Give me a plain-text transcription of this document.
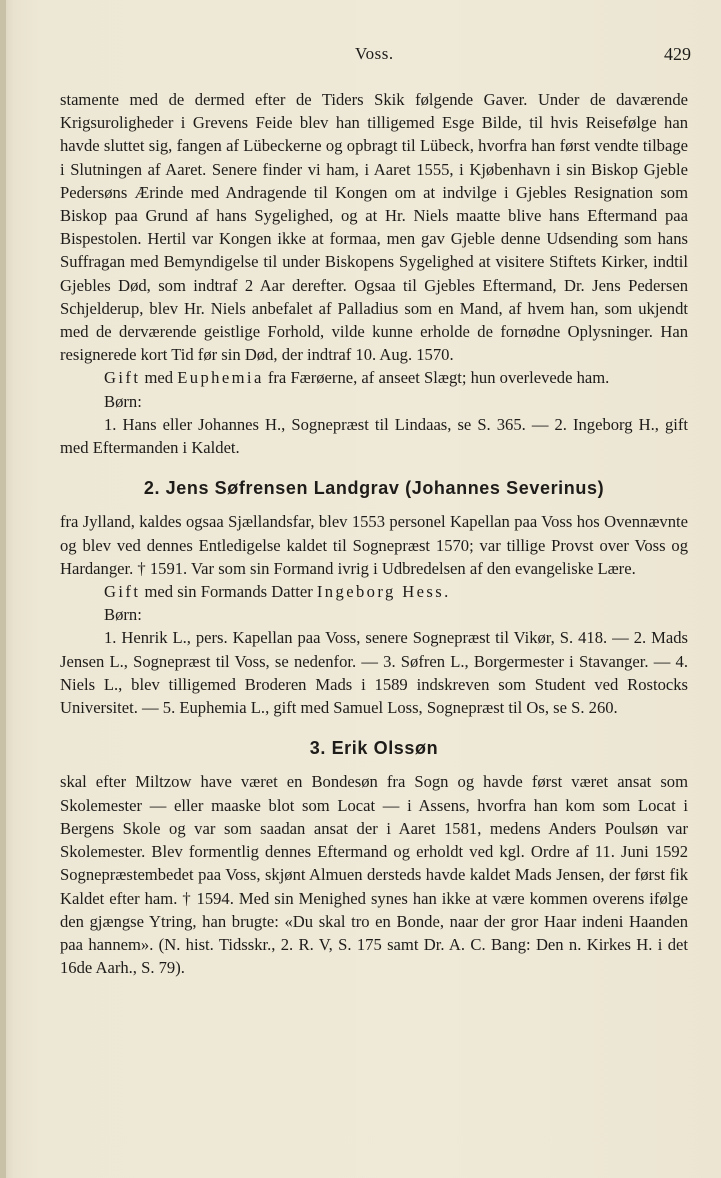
Voss.	429

stamente med de dermed efter de Tiders Skik følgende Gaver. Under de daværende Krigsuroligheder i Grevens Feide blev han tilligemed Esge Bilde, til hvis Reisefølge han havde sluttet sig, fangen af Lübeckerne og opbragt til Lübeck, hvorfra han først vendte tilbage i Slutningen af Aaret. Senere finder vi ham, i Aaret 1555, i Kjøbenhavn i sin Biskop Gjeble Pedersøns Ærinde med Andragende til Kongen om at indvilge i Gjebles Resignation som Biskop paa Grund af hans Sygelighed, og at Hr. Niels maatte blive hans Eftermand paa Bispestolen. Hertil var Kongen ikke at formaa, men gav Gjeble denne Udsending som hans Suffragan med Bemyndigelse til under Biskopens Sygelighed at visitere Stiftets Kirker, indtil Gjebles Død, som indtraf 2 Aar derefter. Ogsaa til Gjebles Eftermand, Dr. Jens Pedersen Schjelderup, blev Hr. Niels anbefalet af Palladius som en Mand, af hvem han, som ukjendt med de derværende geistlige Forhold, vilde kunne erholde de fornødne Oplysninger. Han resignerede kort Tid før sin Død, der indtraf 10. Aug. 1570.

Gift med Euphemia fra Færøerne, af anseet Slægt; hun overlevede ham.

Børn:

1. Hans eller Johannes H., Sognepræst til Lindaas, se S. 365. — 2. Ingeborg H., gift med Eftermanden i Kaldet.

2. Jens Søfrensen Landgrav (Johannes Severinus)

fra Jylland, kaldes ogsaa Sjællandsfar, blev 1553 personel Kapellan paa Voss hos Ovennævnte og blev ved dennes Entledigelse kaldet til Sognepræst 1570; var tillige Provst over Voss og Hardanger. † 1591. Var som sin Formand ivrig i Udbredelsen af den evangeliske Lære.

Gift med sin Formands Datter Ingeborg Hess.

Børn:

1. Henrik L., pers. Kapellan paa Voss, senere Sognepræst til Vikør, S. 418. — 2. Mads Jensen L., Sognepræst til Voss, se nedenfor. — 3. Søfren L., Borgermester i Stavanger. — 4. Niels L., blev tilligemed Broderen Mads i 1589 indskreven som Student ved Rostocks Universitet. — 5. Euphemia L., gift med Samuel Loss, Sognepræst til Os, se S. 260.

3. Erik Olssøn

skal efter Miltzow have været en Bondesøn fra Sogn og havde først været ansat som Skolemester — eller maaske blot som Locat — i Assens, hvorfra han kom som Locat i Bergens Skole og var som saadan ansat der i Aaret 1581, medens Anders Poulsøn var Skolemester. Blev formentlig dennes Eftermand og erholdt ved kgl. Ordre af 11. Juni 1592 Sognepræstembedet paa Voss, skjønt Almuen dersteds havde kaldet Mads Jensen, der først fik Kaldet efter ham. † 1594. Med sin Menighed synes han ikke at være kommen overens ifølge den gjængse Ytring, han brugte: «Du skal tro en Bonde, naar der gror Haar indeni Haanden paa hannem». (N. hist. Tidsskr., 2. R. V, S. 175 samt Dr. A. C. Bang: Den n. Kirkes H. i det 16de Aarh., S. 79).
